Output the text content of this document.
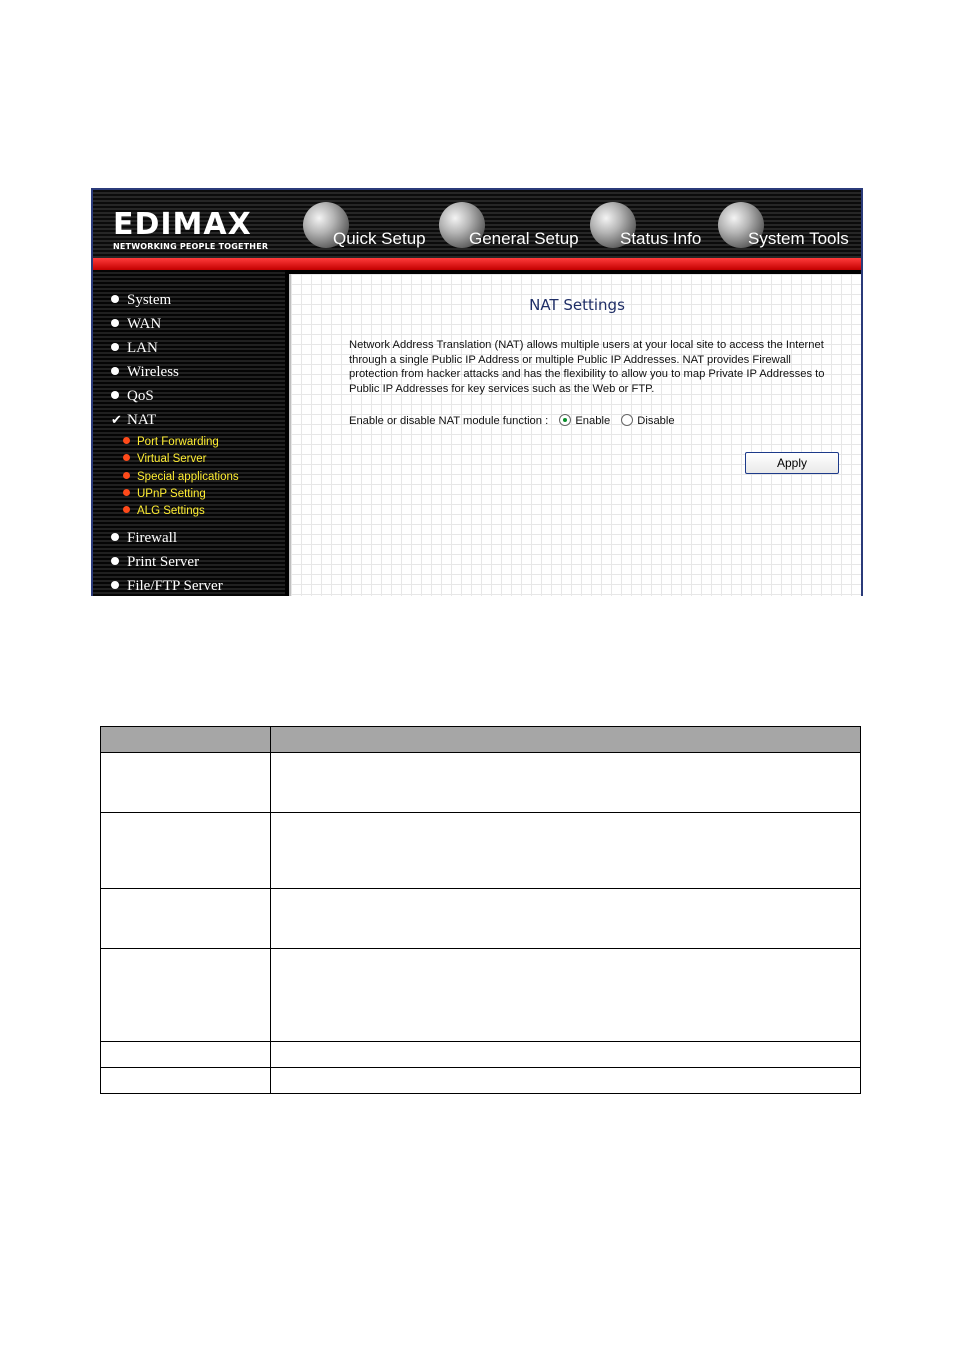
EDIMAX
NETWORKING PEOPLE TOGETHER	Quick Setup	General Setup Status Info	System Tools
System
WAN
LAN
Wireless
QoS
✔ NAT
Port Forwarding
Virtual Server
Special applications
UPnP Setting
ALG Settings
Firewall
Print Server
File/FTP Server
NAT Settings
Network Address Translation (NAT) allows multiple users at your local site to access the Internet through a single Public IP Address or multiple Public IP Addresses. NAT provides Firewall protection from hacker attacks and has the flexibility to allow you to map Private IP Addresses to Public IP Addresses for key services such as the Web or FTP.
Enable or disable NAT module function : Enable Disable
Apply
